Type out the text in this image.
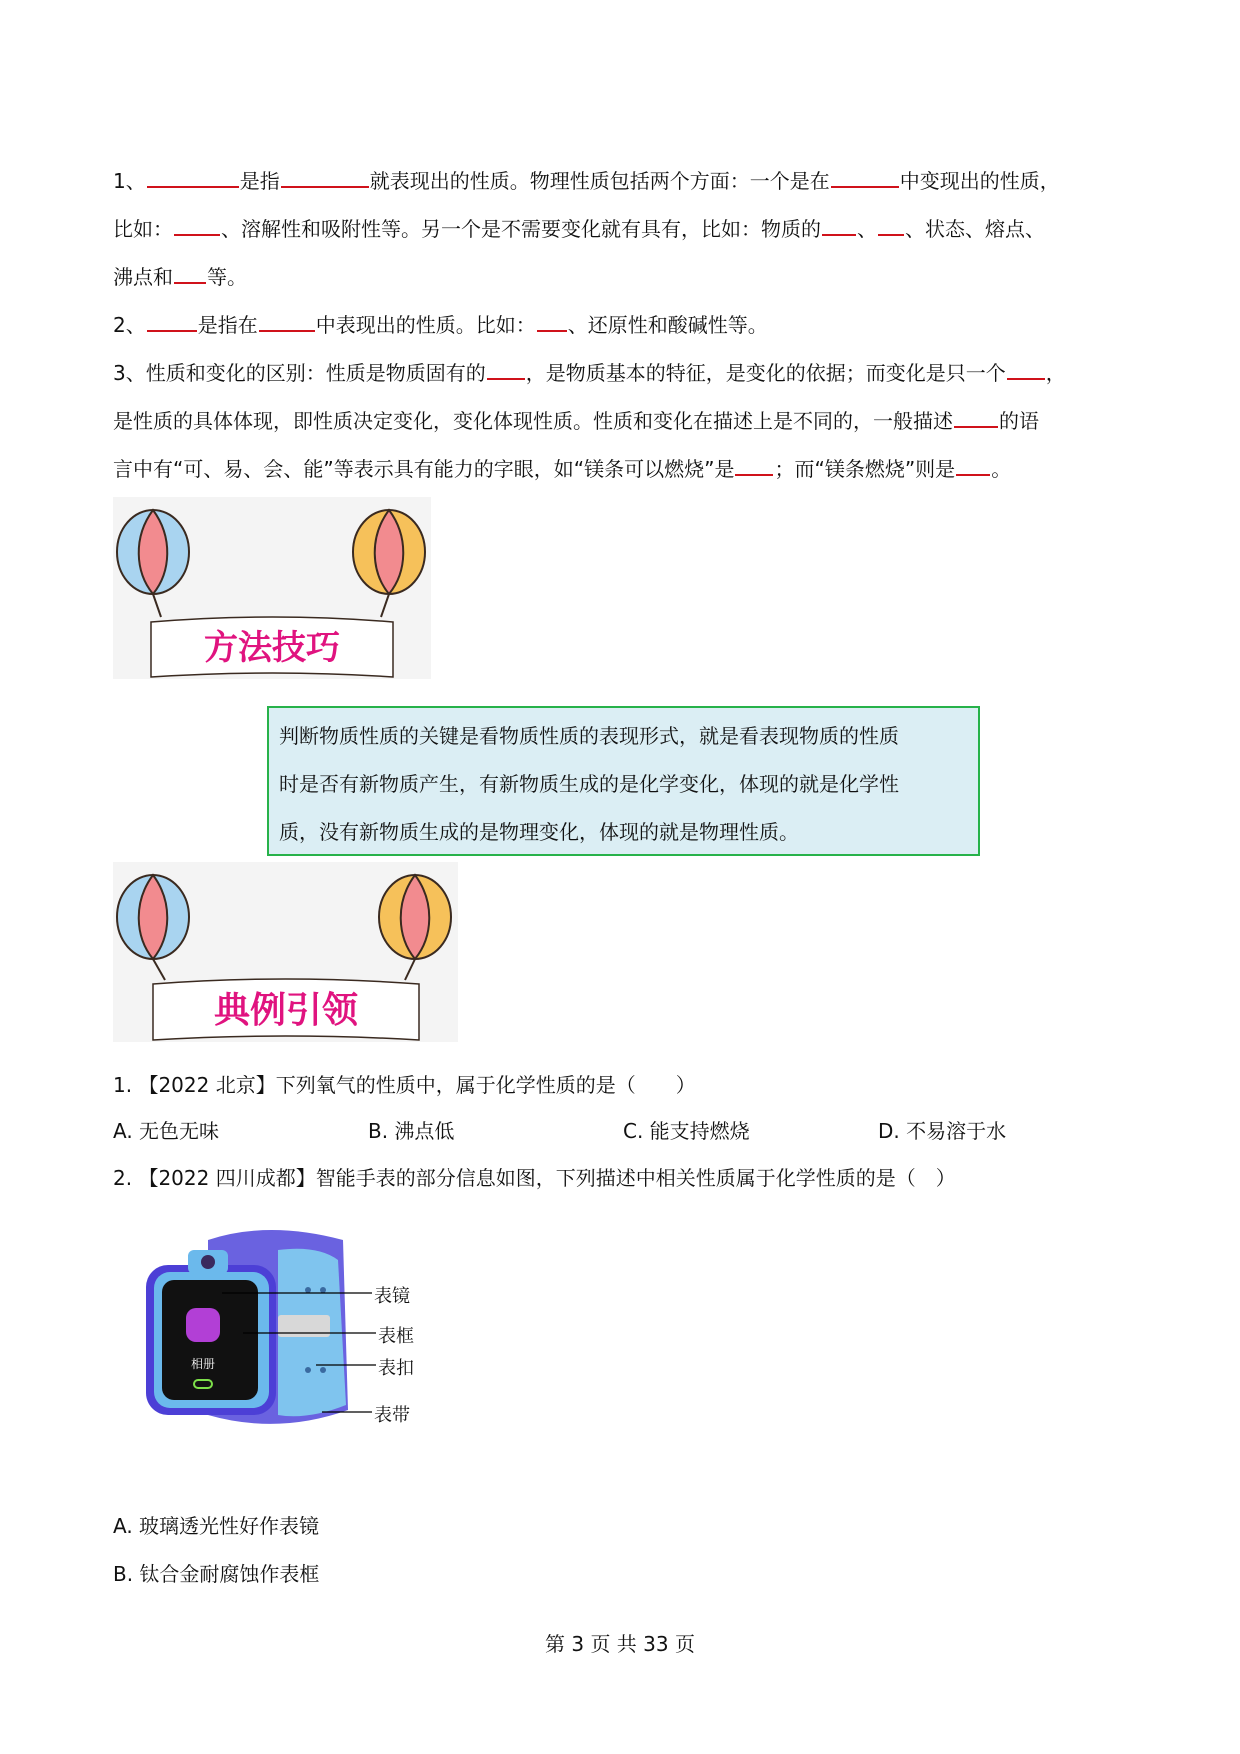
1、	是指	就表现出的性质。物理性质包括两个方面：一个是在	中变现出的性质，
比如： 、溶解性和吸附性等。另一个是不需要变化就有具有，比如：物质的 、 、状态、熔点、
沸点和 等。
2、	是指在	中表现出的性质。比如： 、还原性和酸碱性等。
3、性质和变化的区别：性质是物质固有的 ，是物质基本的特征，是变化的依据；而变化是只一个 ，
是性质的具体体现，即性质决定变化，变化体现性质。性质和变化在描述上是不同的，一般描述 的语
言中有“可、易、会、能”等表示具有能力的字眼，如“镁条可以燃烧”是 ；而“镁条燃烧”则是 。
方法技巧

判断物质性质的关键是看物质性质的表现形式，就是看表现物质的性质

时是否有新物质产生，有新物质生成的是化学变化，体现的就是化学性

质，没有新物质生成的是物理变化，体现的就是物理性质。

典例引领
1. 【2022 北京】下列氧气的性质中，属于化学性质的是（　　）
A. 无色无味	B. 沸点低	C. 能支持燃烧	D. 不易溶于水
2. 【2022 四川成都】智能手表的部分信息如图，下列描述中相关性质属于化学性质的是（　）
相册
表镜
表框
表扣
表带
A. 玻璃透光性好作表镜
B. 钛合金耐腐蚀作表框
第 3 页 共 33 页
